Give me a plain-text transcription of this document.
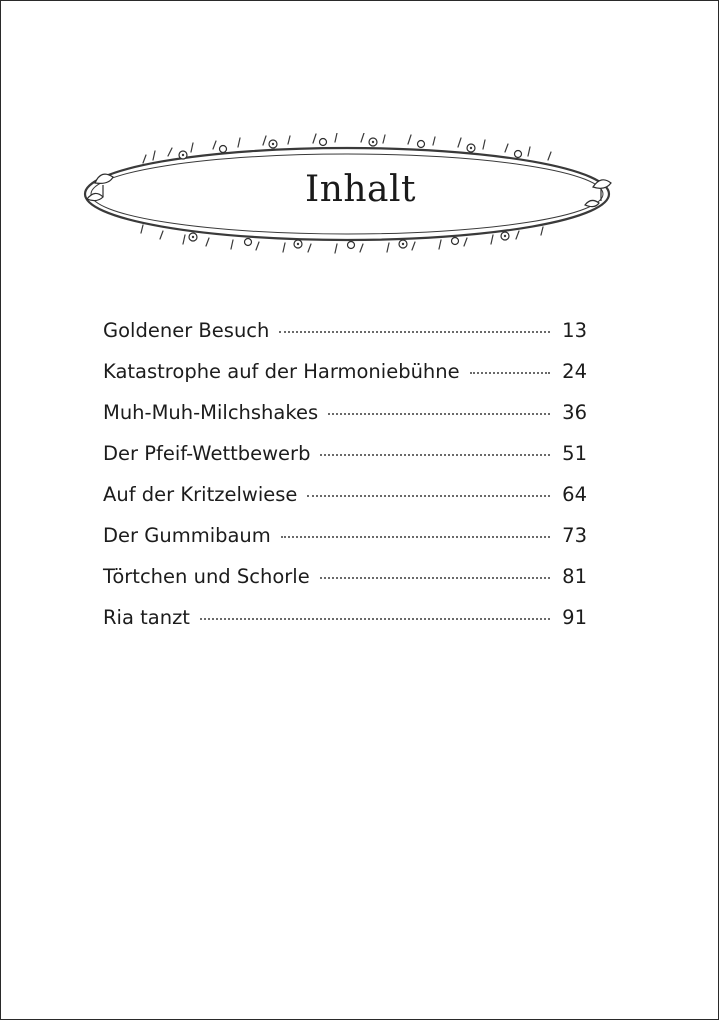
Inhalt
Goldener Besuch	13
Katastrophe auf der Harmoniebühne	24
Muh-Muh-Milchshakes	36
Der Pfeif-Wettbewerb	51
Auf der Kritzelwiese	64
Der Gummibaum	73
Törtchen und Schorle	81
Ria tanzt	91
